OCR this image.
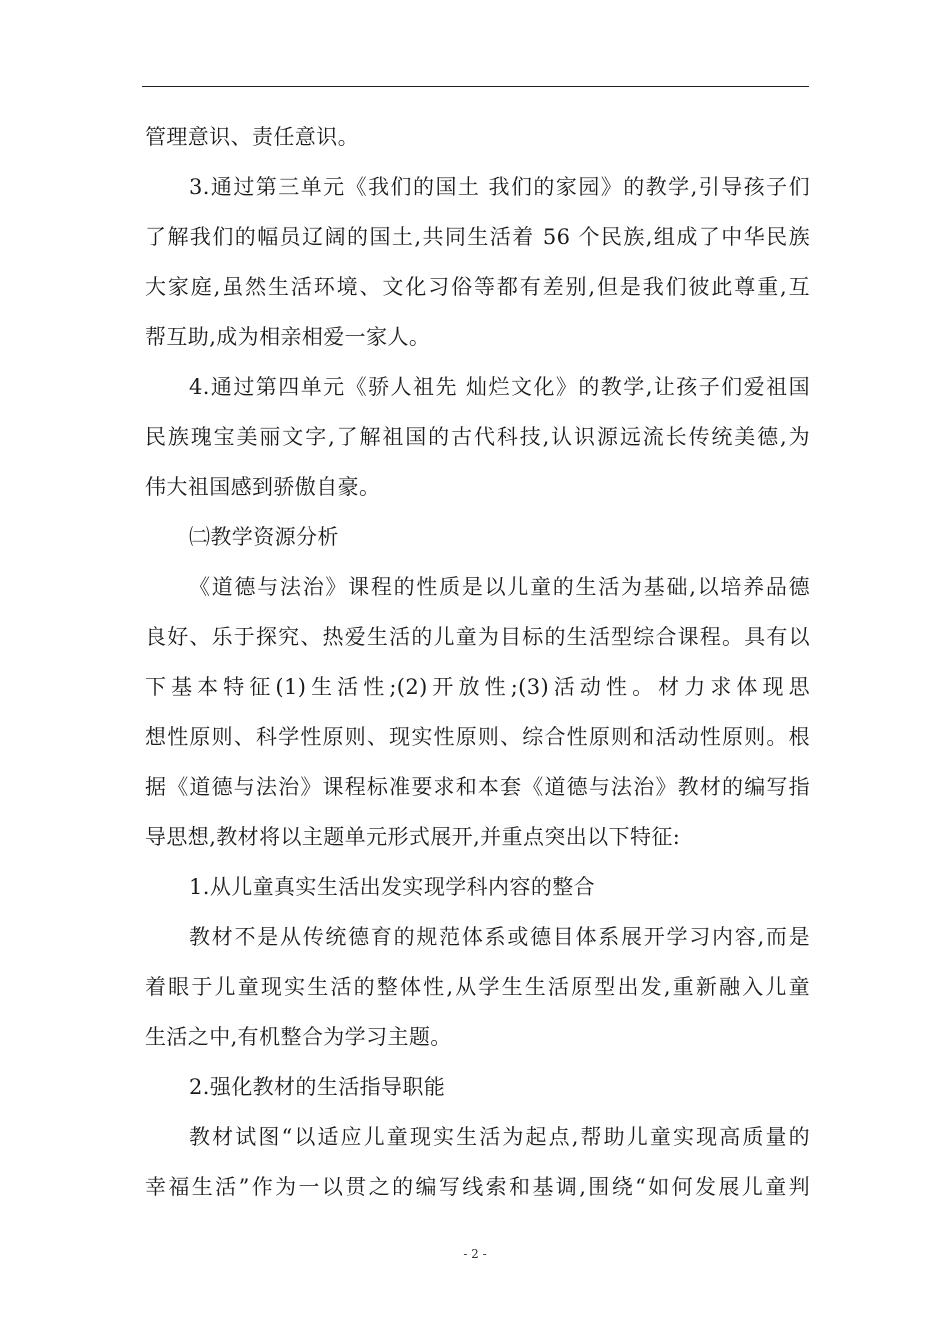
管理意识、责任意识。
3.通过第三单元《我们的国土 我们的家园》的教学,引导孩子们
了解我们的幅员辽阔的国土,共同生活着 56 个民族,组成了中华民族
大家庭,虽然生活环境、文化习俗等都有差别,但是我们彼此尊重,互
帮互助,成为相亲相爱一家人。
4.通过第四单元《骄人祖先 灿烂文化》的教学,让孩子们爱祖国
民族瑰宝美丽文字,了解祖国的古代科技,认识源远流长传统美德,为
伟大祖国感到骄傲自豪。
㈡教学资源分析
《道德与法治》课程的性质是以儿童的生活为基础,以培养品德
良好、乐于探究、热爱生活的儿童为目标的生活型综合课程。具有以
下基本特征(1)生活性;(2)开放性;(3)活动性。材力求体现思
想性原则、科学性原则、现实性原则、综合性原则和活动性原则。根
据《道德与法治》课程标准要求和本套《道德与法治》教材的编写指
导思想,教材将以主题单元形式展开,并重点突出以下特征:
1.从儿童真实生活出发实现学科内容的整合
教材不是从传统德育的规范体系或德目体系展开学习内容,而是
着眼于儿童现实生活的整体性,从学生生活原型出发,重新融入儿童
生活之中,有机整合为学习主题。
2.强化教材的生活指导职能
教材试图“以适应儿童现实生活为起点,帮助儿童实现高质量的
幸福生活”作为一以贯之的编写线索和基调,围绕“如何发展儿童判
- 2 -
